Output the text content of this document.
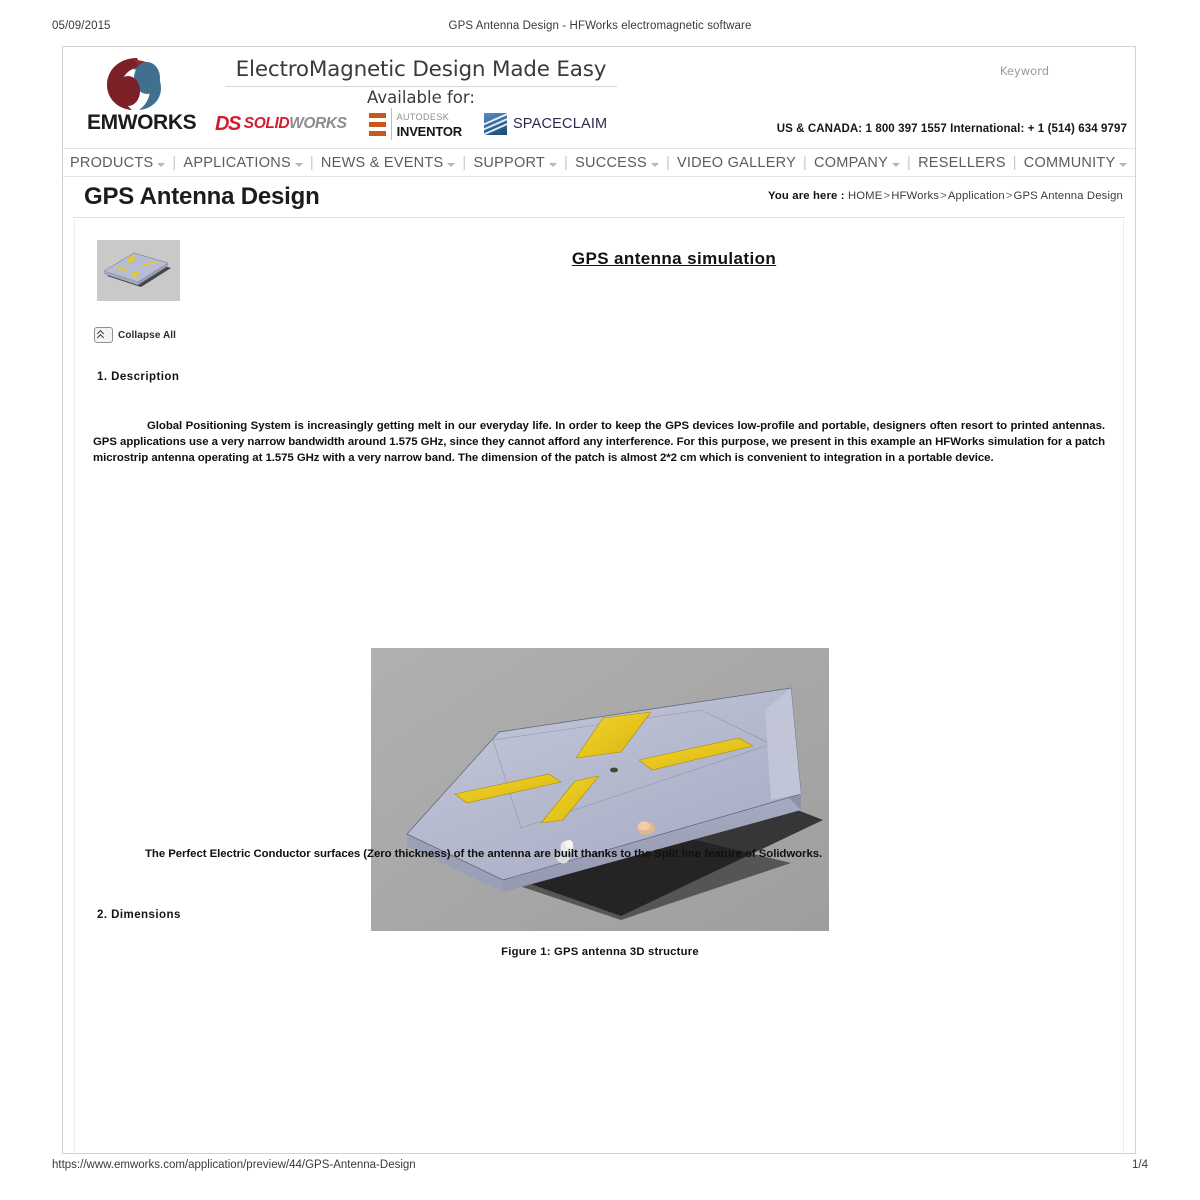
05/09/2015	GPS Antenna Design - HFWorks electromagnetic software
EMWORKS
ElectroMagnetic Design Made Easy
Available for:
DS SOLIDWORKS	AUTODESK
INVENTOR	SPACECLAIM
Keyword
US & CANADA: 1 800 397 1557 International: + 1 (514) 634 9797
PRODUCTS	| APPLICATIONS	| NEWS & EVENTS	| SUPPORT	| SUCCESS	| VIDEO GALLERY | COMPANY	| RESELLERS | COMMUNITY
GPS Antenna Design	You are here : HOME>HFWorks>Application>GPS Antenna Design
Collapse All
GPS antenna simulation
1. Description
Global Positioning System is increasingly getting melt in our everyday life. In order to keep the GPS devices low-profile and portable, designers often resort to printed antennas. GPS applications use a very narrow bandwidth around 1.575 GHz, since they cannot afford any interference. For this purpose, we present in this example an HFWorks simulation for a patch microstrip antenna operating at 1.575 GHz with a very narrow band. The dimension of the patch is almost 2*2 cm which is convenient to integration in a portable device.
Figure 1: GPS antenna 3D structure
The Perfect Electric Conductor surfaces (Zero thickness) of the antenna are built thanks to the Split line feature of Solidworks.
2. Dimensions
https://www.emworks.com/application/preview/44/GPS-Antenna-Design	1/4
